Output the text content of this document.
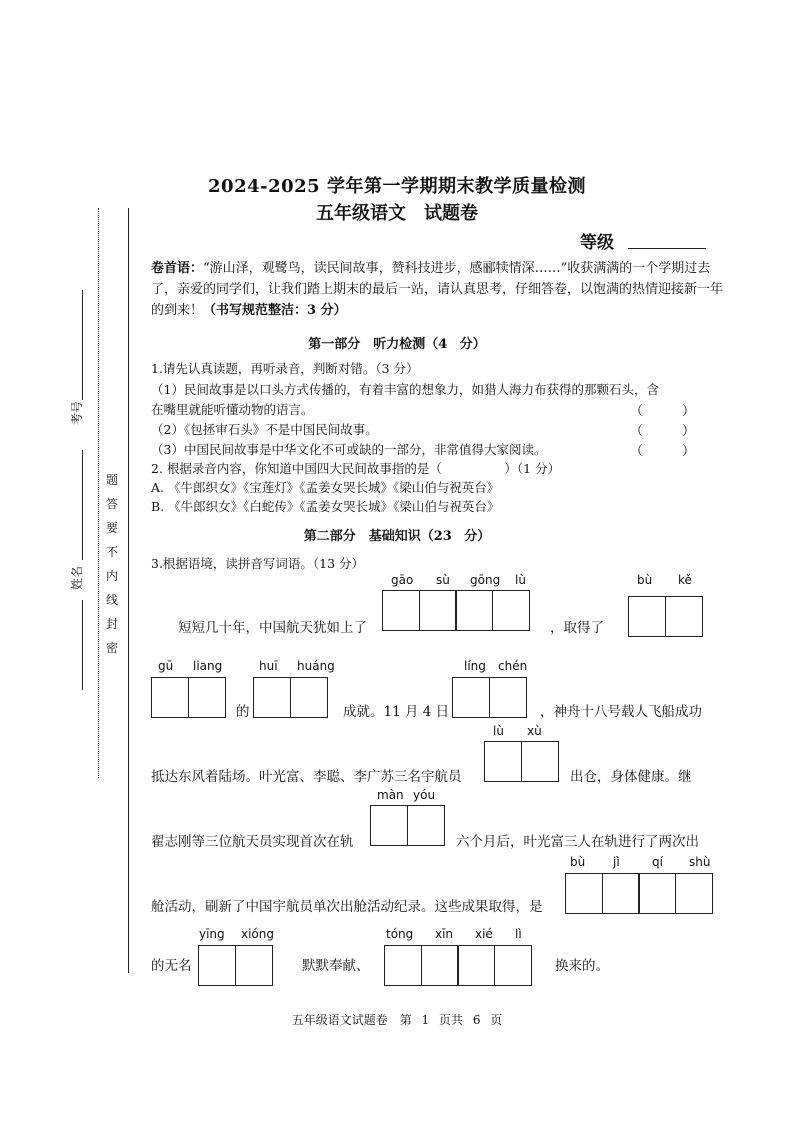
2024-2025 学年第一学期期末教学质量检测
五年级语文　试题卷
等级
考号
姓名
题
答
要
不
内
线
封
密
卷首语：“游山泽，观鹭鸟，读民间故事，赞科技进步，感郦犊情深……”收获满满的一个学期过去了，亲爱的同学们，让我们踏上期末的最后一站，请认真思考，仔细答卷，以饱满的热情迎接新一年的到来！（书写规范整洁：3 分）
第一部分　听力检测（4 分）
1.请先认真读题，再听录音，判断对错。（3 分）
（1）民间故事是以口头方式传播的，有着丰富的想象力，如猎人海力布获得的那颗石头，含
在嘴里就能听懂动物的语言。	（　　　）
（2）《包拯审石头》不是中国民间故事。	（　　　）
（3）中国民间故事是中华文化不可或缺的一部分，非常值得大家阅读。	（　　　）
2. 根据录音内容，你知道中国四大民间故事指的是（　　　　　）（1 分）
A. 《牛郎织女》《宝莲灯》《孟姜女哭长城》《梁山伯与祝英台》
B. 《牛郎织女》《白蛇传》《孟姜女哭长城》《梁山伯与祝英台》
第二部分　基础知识（23 分）
3.根据语境，读拼音写词语。（13 分）
gāo sù gōng lù
短短几十年，中国航天犹如上了	，取得了
bù kě
gū liang
的
huī huáng
成就。11 月 4 日
líng chén
，神舟十八号载人飞船成功
lù xù
抵达东风着陆场。叶光富、李聪、李广苏三名宇航员	出仓，身体健康。继
màn yóu
翟志刚等三位航天员实现首次在轨	六个月后，叶光富三人在轨进行了两次出
bù jì	qí shù
舱活动，刷新了中国宇航员单次出舱活动纪录。这些成果取得，是
yīng xióng
的无名	默默奉献、
tóng xīn xié lì
换来的。
五年级语文试题卷　第 1 页共 6 页
